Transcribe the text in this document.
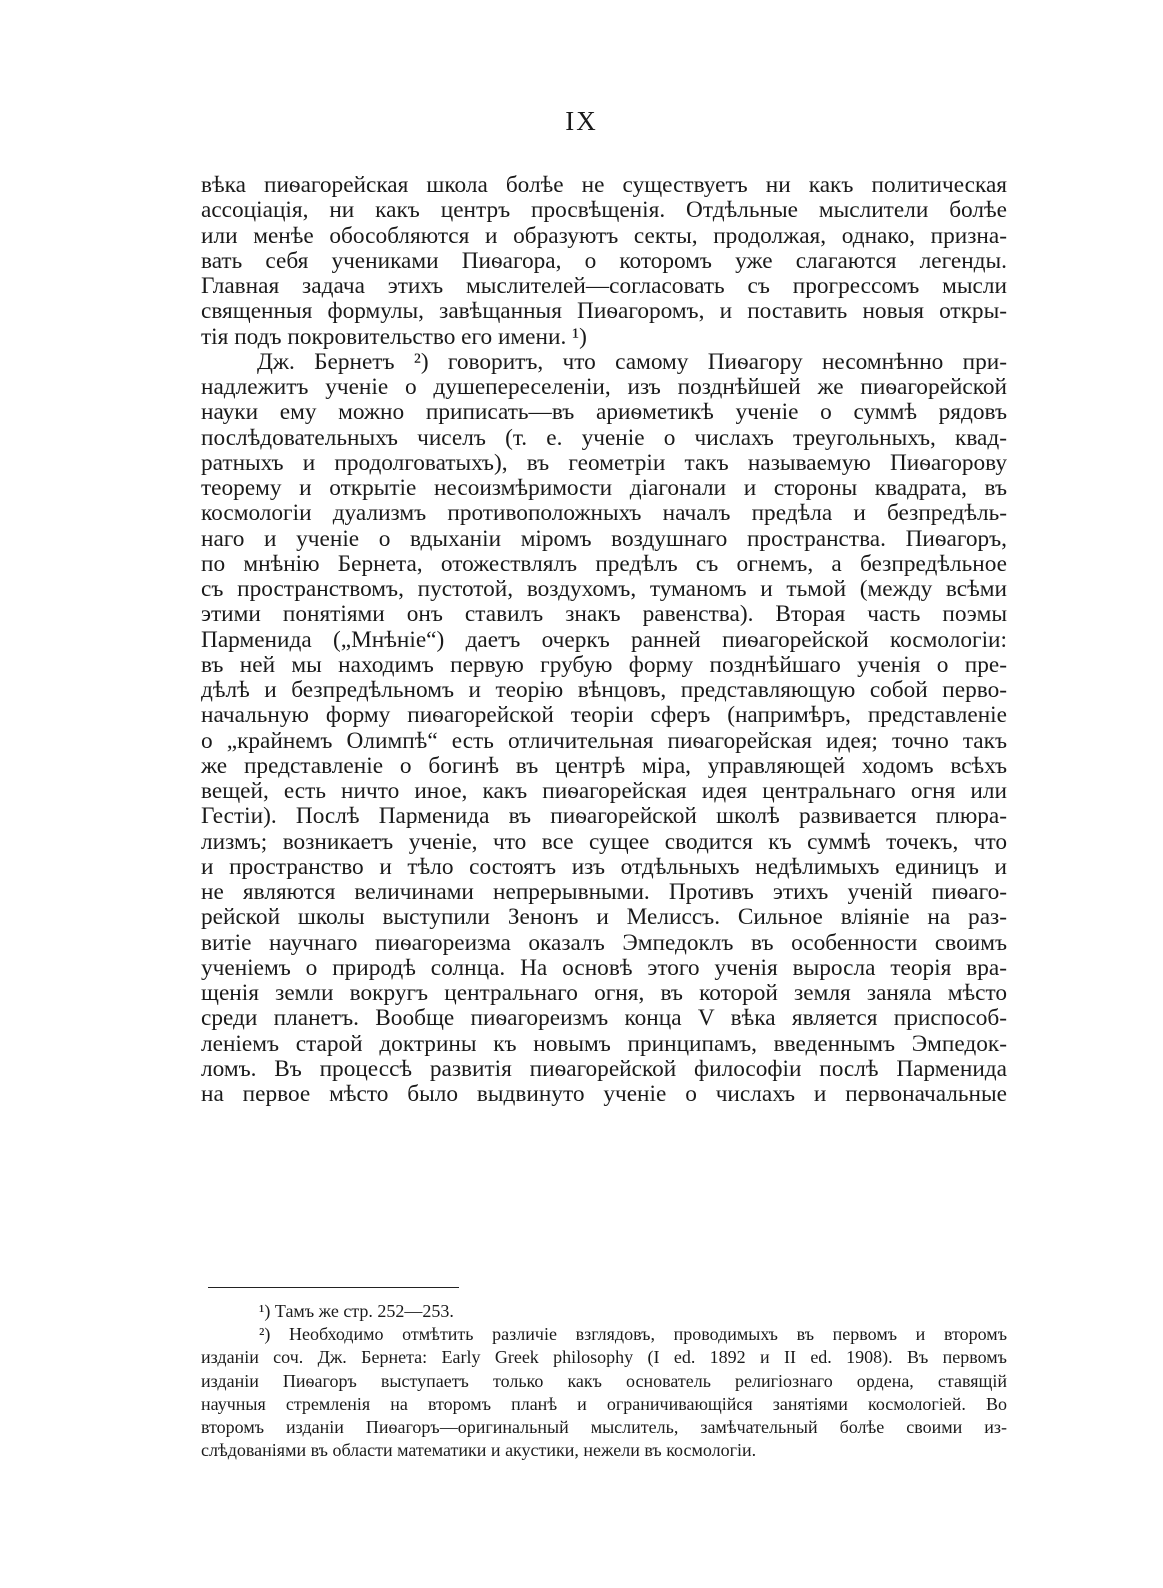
IX
вѣка пиѳагорейская школа болѣе не существуетъ ни какъ политическая
ассоціація, ни какъ центръ просвѣщенія. Отдѣльные мыслители болѣе
или менѣе обособляются и образуютъ секты, продолжая, однако, призна-
вать себя учениками Пиѳагора, о которомъ уже слагаются легенды.
Главная задача этихъ мыслителей—согласовать съ прогрессомъ мысли
священныя формулы, завѣщанныя Пиѳагоромъ, и поставить новыя откры-
тія подъ покровительство его имени. ¹)
Дж. Бернетъ ²) говоритъ, что самому Пиѳагору несомнѣнно при-
надлежитъ ученіе о душепереселеніи, изъ позднѣйшей же пиѳагорейской
науки ему можно приписать—въ ариѳметикѣ ученіе о суммѣ рядовъ
послѣдовательныхъ чиселъ (т. е. ученіе о числахъ треугольныхъ, квад-
ратныхъ и продолговатыхъ), въ геометріи такъ называемую Пиѳагорову
теорему и открытіе несоизмѣримости діагонали и стороны квадрата, въ
космологіи дуализмъ противоположныхъ началъ предѣла и безпредѣль-
наго и ученіе о вдыханіи міромъ воздушнаго пространства. Пиѳагоръ,
по мнѣнію Бернета, отожествлялъ предѣлъ съ огнемъ, а безпредѣльное
съ пространствомъ, пустотой, воздухомъ, туманомъ и тьмой (между всѣми
этими понятіями онъ ставилъ знакъ равенства). Вторая часть поэмы
Парменида („Мнѣніе“) даетъ очеркъ ранней пиѳагорейской космологіи:
въ ней мы находимъ первую грубую форму позднѣйшаго ученія о пре-
дѣлѣ и безпредѣльномъ и теорію вѣнцовъ, представляющую собой перво-
начальную форму пиѳагорейской теоріи сферъ (напримѣръ, представленіе
о „крайнемъ Олимпѣ“ есть отличительная пиѳагорейская идея; точно такъ
же представленіе о богинѣ въ центрѣ міра, управляющей ходомъ всѣхъ
вещей, есть ничто иное, какъ пиѳагорейская идея центральнаго огня или
Гестіи). Послѣ Парменида въ пиѳагорейской школѣ развивается плюра-
лизмъ; возникаетъ ученіе, что все сущее сводится къ суммѣ точекъ, что
и пространство и тѣло состоятъ изъ отдѣльныхъ недѣлимыхъ единицъ и
не являются величинами непрерывными. Противъ этихъ ученій пиѳаго-
рейской школы выступили Зенонъ и Мелиссъ. Сильное вліяніе на раз-
витіе научнаго пиѳагореизма оказалъ Эмпедоклъ въ особенности своимъ
ученіемъ о природѣ солнца. На основѣ этого ученія выросла теорія вра-
щенія земли вокругъ центральнаго огня, въ которой земля заняла мѣсто
среди планетъ. Вообще пиѳагореизмъ конца V вѣка является приспособ-
леніемъ старой доктрины къ новымъ принципамъ, введеннымъ Эмпедок-
ломъ. Въ процессѣ развитія пиѳагорейской философіи послѣ Парменида
на первое мѣсто было выдвинуто ученіе о числахъ и первоначальные
¹) Тамъ же стр. 252—253.
²) Необходимо отмѣтить различіе взглядовъ, проводимыхъ въ первомъ и второмъ
изданіи соч. Дж. Бернета: Early Greek philosophy (I ed. 1892 и II ed. 1908). Въ первомъ
изданіи Пиѳагоръ выступаетъ только какъ основатель религіознаго ордена, ставящій
научныя стремленія на второмъ планѣ и ограничивающійся занятіями космологіей. Во
второмъ изданіи Пиѳагоръ—оригинальный мыслитель, замѣчательный болѣе своими из-
слѣдованіями въ области математики и акустики, нежели въ космологіи.
